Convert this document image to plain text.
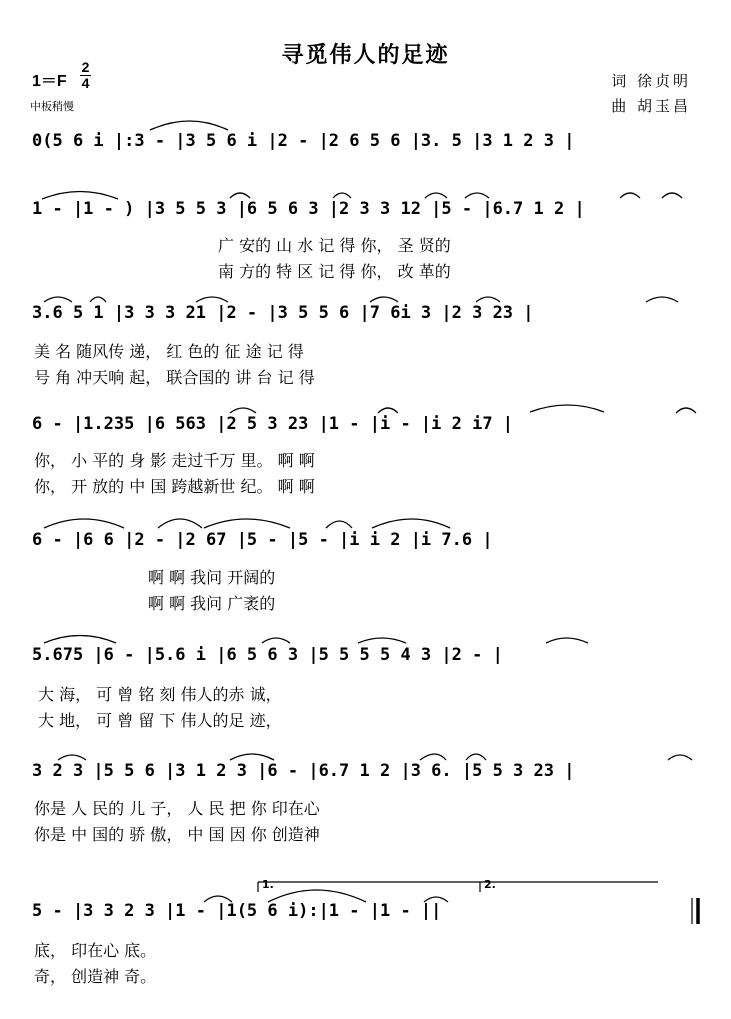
寻觅伟人的足迹
1＝F
2
4
中板稍慢
词 徐贞明
曲 胡玉昌
0(5 6 i |:3 - |3 5 6 i |2 - |2 6 5 6 |3. 5 |3 1 2 3 |
1 - |1 - ) |3 5 5 3 |6 5 6 3 |2 3 3 12 |5 - |6.7 1 2 |
广 安的 山 水 记 得 你， 圣 贤的
南 方的 特 区 记 得 你， 改 革的
3.6 5 1 |3 3 3 21 |2 - |3 5 5 6 |7 6i 3 |2 3 23 |
美 名 随风传 递， 红 色的 征 途 记 得
号 角 冲天响 起， 联合国的 讲 台 记 得
6 - |1.235 |6 563 |2 5 3 23 |1 - |i - |i 2 i7 |
你， 小 平的 身 影 走过千万 里。 啊 啊
你， 开 放的 中 国 跨越新世 纪。 啊 啊
6 - |6 6 |2 - |2 67 |5 - |5 - |i i 2 |i 7.6 |
啊 啊 我问 开阔的
啊 啊 我问 广袤的
5.675 |6 - |5.6 i |6 5 6 3 |5 5 5 5 4 3 |2 - |
大 海， 可 曾 铭 刻 伟人的赤 诚，
大 地， 可 曾 留 下 伟人的足 迹，
3 2 3 |5 5 6 |3 1 2 3 |6 - |6.7 1 2 |3 6. |5 5 3 23 |
你是 人 民的 儿 子， 人 民 把 你 印在心
你是 中 国的 骄 傲， 中 国 因 你 创造神
5 - |3 3 2 3 |1 - |1(5 6 i):|1 - |1 - ||
底， 印在心 底。
奇， 创造神 奇。
1.	2.
